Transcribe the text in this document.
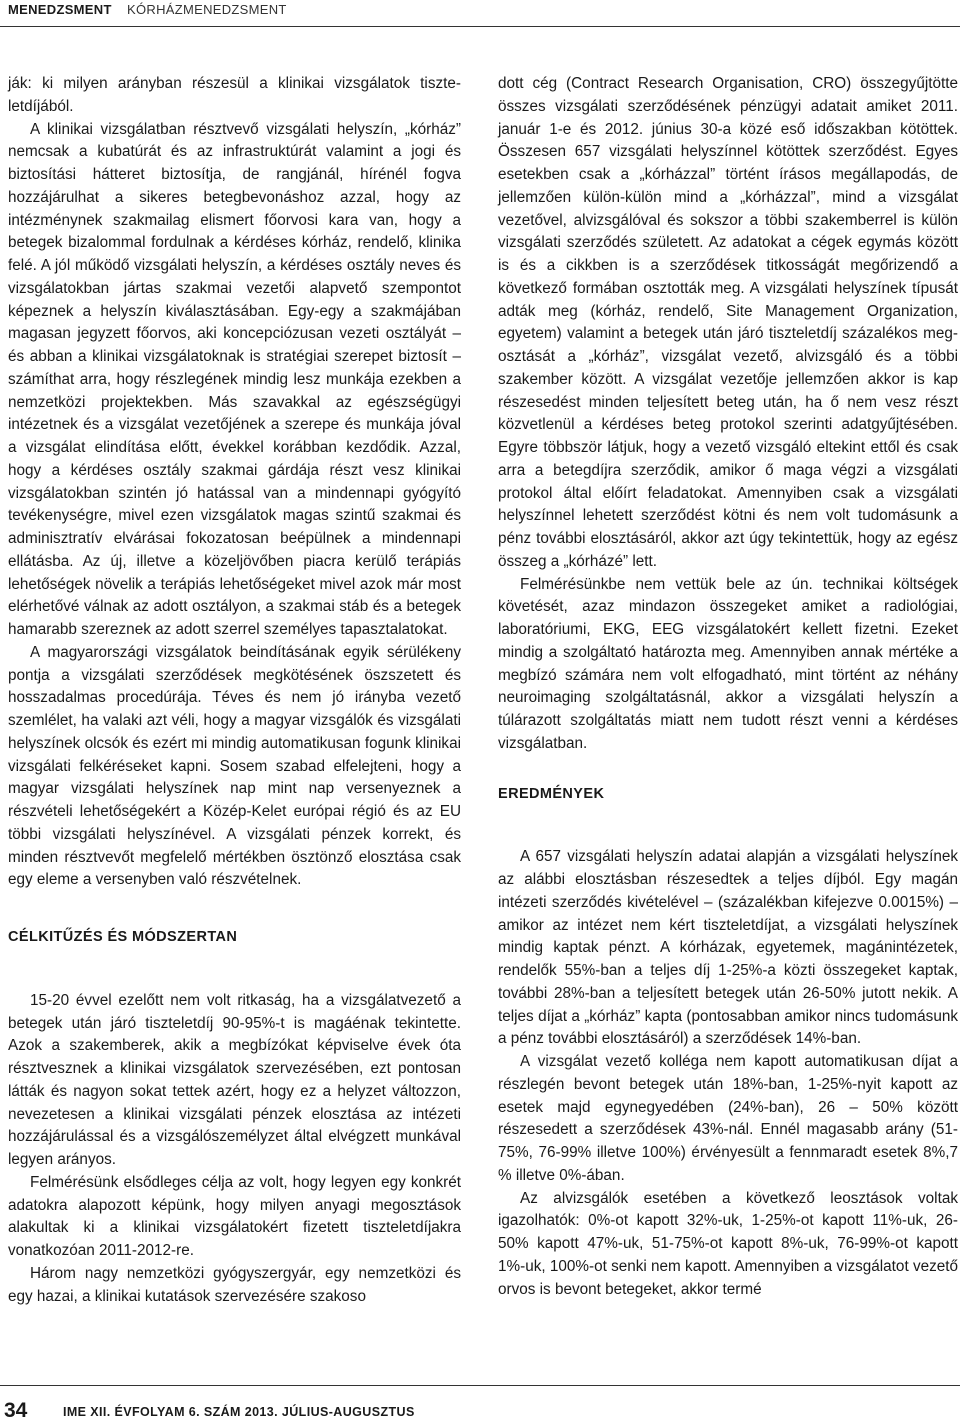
MENEDZSMENT KÓRHÁZMENEDZSMENT

ják: ki milyen arányban részesül a klinikai vizsgálatok tiszteletdíjából.

A klinikai vizsgálatban résztvevő vizsgálati helyszín, „kórház” nemcsak a kubatúrát és az infrastruktúrát valamint a jogi és biztosítási hátteret biztosítja, de rangjánál, hírénél fogva hozzájárulhat a sikeres betegbevonáshoz azzal, hogy az intézménynek szakmailag elismert főorvosi kara van, hogy a betegek bizalommal fordulnak a kérdéses kórház, rendelő, klinika felé. A jól működő vizsgálati helyszín, a kérdéses osztály neves és vizsgálatokban jártas szakmai vezetői alapvető szempontot képeznek a helyszín kiválasztásában. Egy-egy a szakmájában magasan jegyzett főorvos, aki koncepciózusan vezeti osztályát – és abban a klinikai vizsgálatoknak is stratégiai szerepet biztosít – számíthat arra, hogy részlegének mindig lesz munkája ezekben a nemzetközi projektekben. Más szavakkal az egészségügyi intézetnek és a vizsgálat vezetőjének a szerepe és munkája jóval a vizsgálat elindítása előtt, évekkel korábban kezdődik. Azzal, hogy a kérdéses osztály szakmai gárdája részt vesz klinikai vizsgálatokban szintén jó hatással van a mindennapi gyógyító tevékenységre, mivel ezen vizsgálatok magas szintű szakmai és adminisztratív elvárásai fokozatosan beépülnek a mindennapi ellátásba. Az új, illetve a közeljövőben piacra kerülő terápiás lehetőségek növelik a terápiás lehetőségeket mivel azok már most elérhetővé válnak az adott osztályon, a szakmai stáb és a betegek hamarabb szereznek az adott szerrel személyes tapasztalatokat.

A magyarországi vizsgálatok beindításának egyik sérülékeny pontja a vizsgálati szerződések megkötésének öszszetett és hosszadalmas procedúrája. Téves és nem jó irányba vezető szemlélet, ha valaki azt véli, hogy a magyar vizsgálók és vizsgálati helyszínek olcsók és ezért mi mindig automatikusan fogunk klinikai vizsgálati felkéréseket kapni. Sosem szabad elfelejteni, hogy a magyar vizsgálati helyszínek nap mint nap versenyeznek a részvételi lehetőségekért a Közép-Kelet európai régió és az EU többi vizsgálati helyszínével. A vizsgálati pénzek korrekt, és minden résztvevőt megfelelő mértékben ösztönző elosztása csak egy eleme a versenyben való részvételnek.

CÉLKITŰZÉS ÉS MÓDSZERTAN

15-20 évvel ezelőtt nem volt ritkaság, ha a vizsgálatvezető a betegek után járó tiszteletdíj 90-95%-t is magáénak tekintette. Azok a szakemberek, akik a megbízókat képviselve évek óta résztvesznek a klinikai vizsgálatok szervezésében, ezt pontosan látták és nagyon sokat tettek azért, hogy ez a helyzet változzon, nevezetesen a klinikai vizsgálati pénzek elosztása az intézeti hozzájárulással és a vizsgálószemélyzet által elvégzett munkával legyen arányos.

Felmérésünk elsődleges célja az volt, hogy legyen egy konkrét adatokra alapozott képünk, hogy milyen anyagi megosztások alakultak ki a klinikai vizsgálatokért fizetett tiszteletdíjakra vonatkozóan 2011-2012-re.

Három nagy nemzetközi gyógyszergyár, egy nemzetközi és egy hazai, a klinikai kutatások szervezésére szakoso

dott cég (Contract Research Organisation, CRO) összegyűjtötte összes vizsgálati szerződésének pénzügyi adatait amiket 2011. január 1-e és 2012. június 30-a közé eső időszakban kötöttek. Összesen 657 vizsgálati helyszínnel kötöttek szerződést. Egyes esetekben csak a „kórházzal” történt írásos megállapodás, de jellemzően külön-külön mind a „kórházzal”, mind a vizsgálat vezetővel, alvizsgálóval és sokszor a többi szakemberrel is külön vizsgálati szerződés született. Az adatokat a cégek egymás között is és a cikkben is a szerződések titkosságát megőrizendő a következő formában osztották meg. A vizsgálati helyszínek típusát adták meg (kórház, rendelő, Site Management Organization, egyetem) valamint a betegek után járó tiszteletdíj százalékos megosztását a „kórház”, vizsgálat vezető, alvizsgáló és a többi szakember között. A vizsgálat vezetője jellemzően akkor is kap részesedést minden teljesített beteg után, ha ő nem vesz részt közvetlenül a kérdéses beteg protokol szerinti adatgyűjtésében. Egyre többször látjuk, hogy a vezető vizsgáló eltekint ettől és csak arra a betegdíjra szerződik, amikor ő maga végzi a vizsgálati protokol által előírt feladatokat. Amennyiben csak a vizsgálati helyszínnel lehetett szerződést kötni és nem volt tudomásunk a pénz további elosztásáról, akkor azt úgy tekintettük, hogy az egész összeg a „kórházé” lett.

Felmérésünkbe nem vettük bele az ún. technikai költségek követését, azaz mindazon összegeket amiket a radiológiai, laboratóriumi, EKG, EEG vizsgálatokért kellett fizetni. Ezeket mindig a szolgáltató határozta meg. Amennyiben annak mértéke a megbízó számára nem volt elfogadható, mint történt az néhány neuroimaging szolgáltatásnál, akkor a vizsgálati helyszín a túlárazott szolgáltatás miatt nem tudott részt venni a kérdéses vizsgálatban.

EREDMÉNYEK

A 657 vizsgálati helyszín adatai alapján a vizsgálati helyszínek az alábbi elosztásban részesedtek a teljes díjból. Egy magán intézeti szerződés kivételével – (százalékban kifejezve 0.0015%) – amikor az intézet nem kért tiszteletdíjat, a vizsgálati helyszínek mindig kaptak pénzt. A kórházak, egyetemek, magánintézetek, rendelők 55%-ban a teljes díj 1-25%-a közti összegeket kaptak, további 28%-ban a teljesített betegek után 26-50% jutott nekik. A teljes díjat a „kórház” kapta (pontosabban amikor nincs tudomásunk a pénz további elosztásáról) a szerződések 14%-ban.

A vizsgálat vezető kollégа nem kapott automatikusan díjat a részlegén bevont betegek után 18%-ban, 1-25%-nyit kapott az esetek majd egynegyedében (24%-ban), 26 – 50% között részesedett a szerződések 43%-nál. Ennél magasabb arány (51-75%, 76-99% illetve 100%) érvényesült a fennmaradt esetek 8%,7 % illetve 0%-ában.

Az alvizsgálók esetében a következő leosztások voltak igazolhatók: 0%-ot kapott 32%-uk, 1-25%-ot kapott 11%-uk, 26-50% kapott 47%-uk, 51-75%-ot kapott 8%-uk, 76-99%-ot kapott 1%-uk, 100%-ot senki nem kapott. Amennyiben a vizsgálatot vezető orvos is bevont betegeket, akkor termé

34	IME XII. ÉVFOLYAM 6. SZÁM 2013. JÚLIUS-AUGUSZTUS
